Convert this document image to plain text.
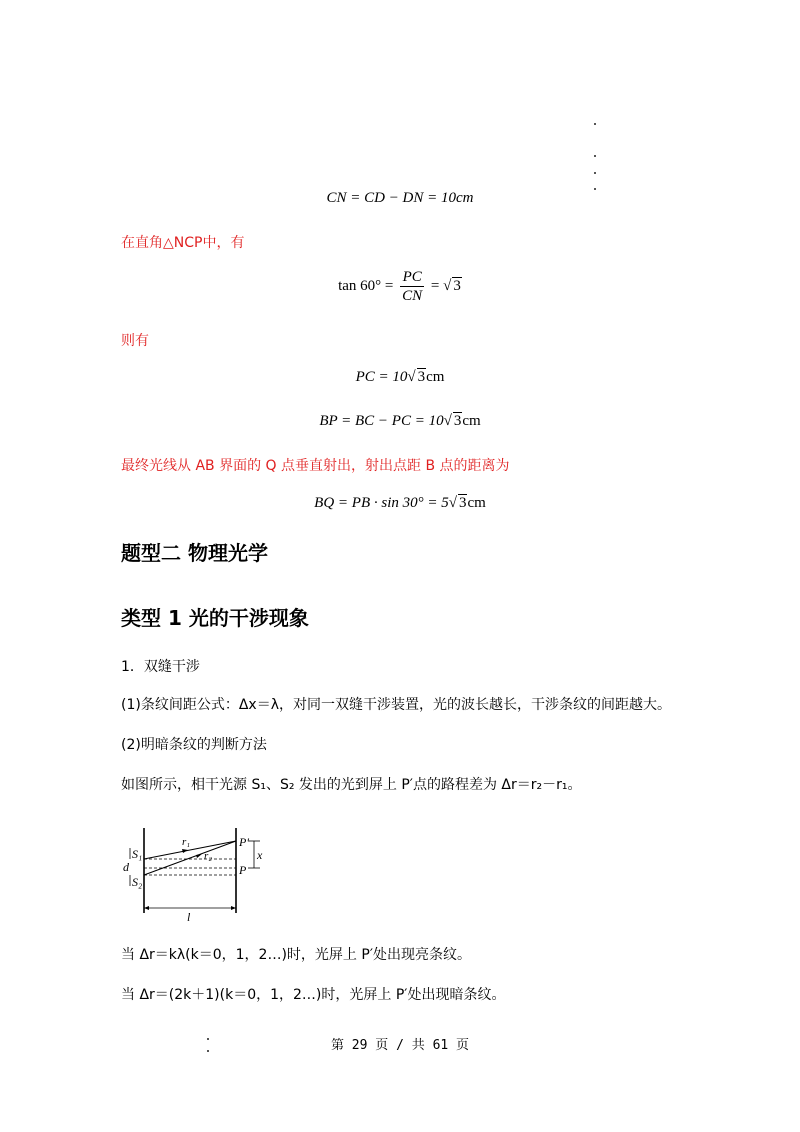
CN = CD − DN = 10cm
在直角△NCP中，有
$\tan 60^\circ = \frac{PC}{CN}$ = √ 3
则有
PC = 10√ 3cm
BP = BC − PC = 10√ 3cm
最终光线从 AB 界面的 Q 点垂直射出，射出点距 B 点的距离为
BQ = PB · sin 30° = 5√ 3cm
题型二 物理光学
类型 1 光的干涉现象
1．双缝干涉
(1)条纹间距公式：Δx＝λ，对同一双缝干涉装置，光的波长越长，干涉条纹的间距越大。
(2)明暗条纹的判断方法
如图所示，相干光源 S₁、S₂ 发出的光到屏上 P′点的路程差为 Δr＝r₂－r₁。
S₁
d
S₂
r₁
r₂
P′
P
x
l
当 Δr＝kλ(k＝0，1，2…)时，光屏上 P′处出现亮条纹。
当 Δr＝(2k＋1)(k＝0，1，2…)时，光屏上 P′处出现暗条纹。
第 29 页 / 共 61 页
